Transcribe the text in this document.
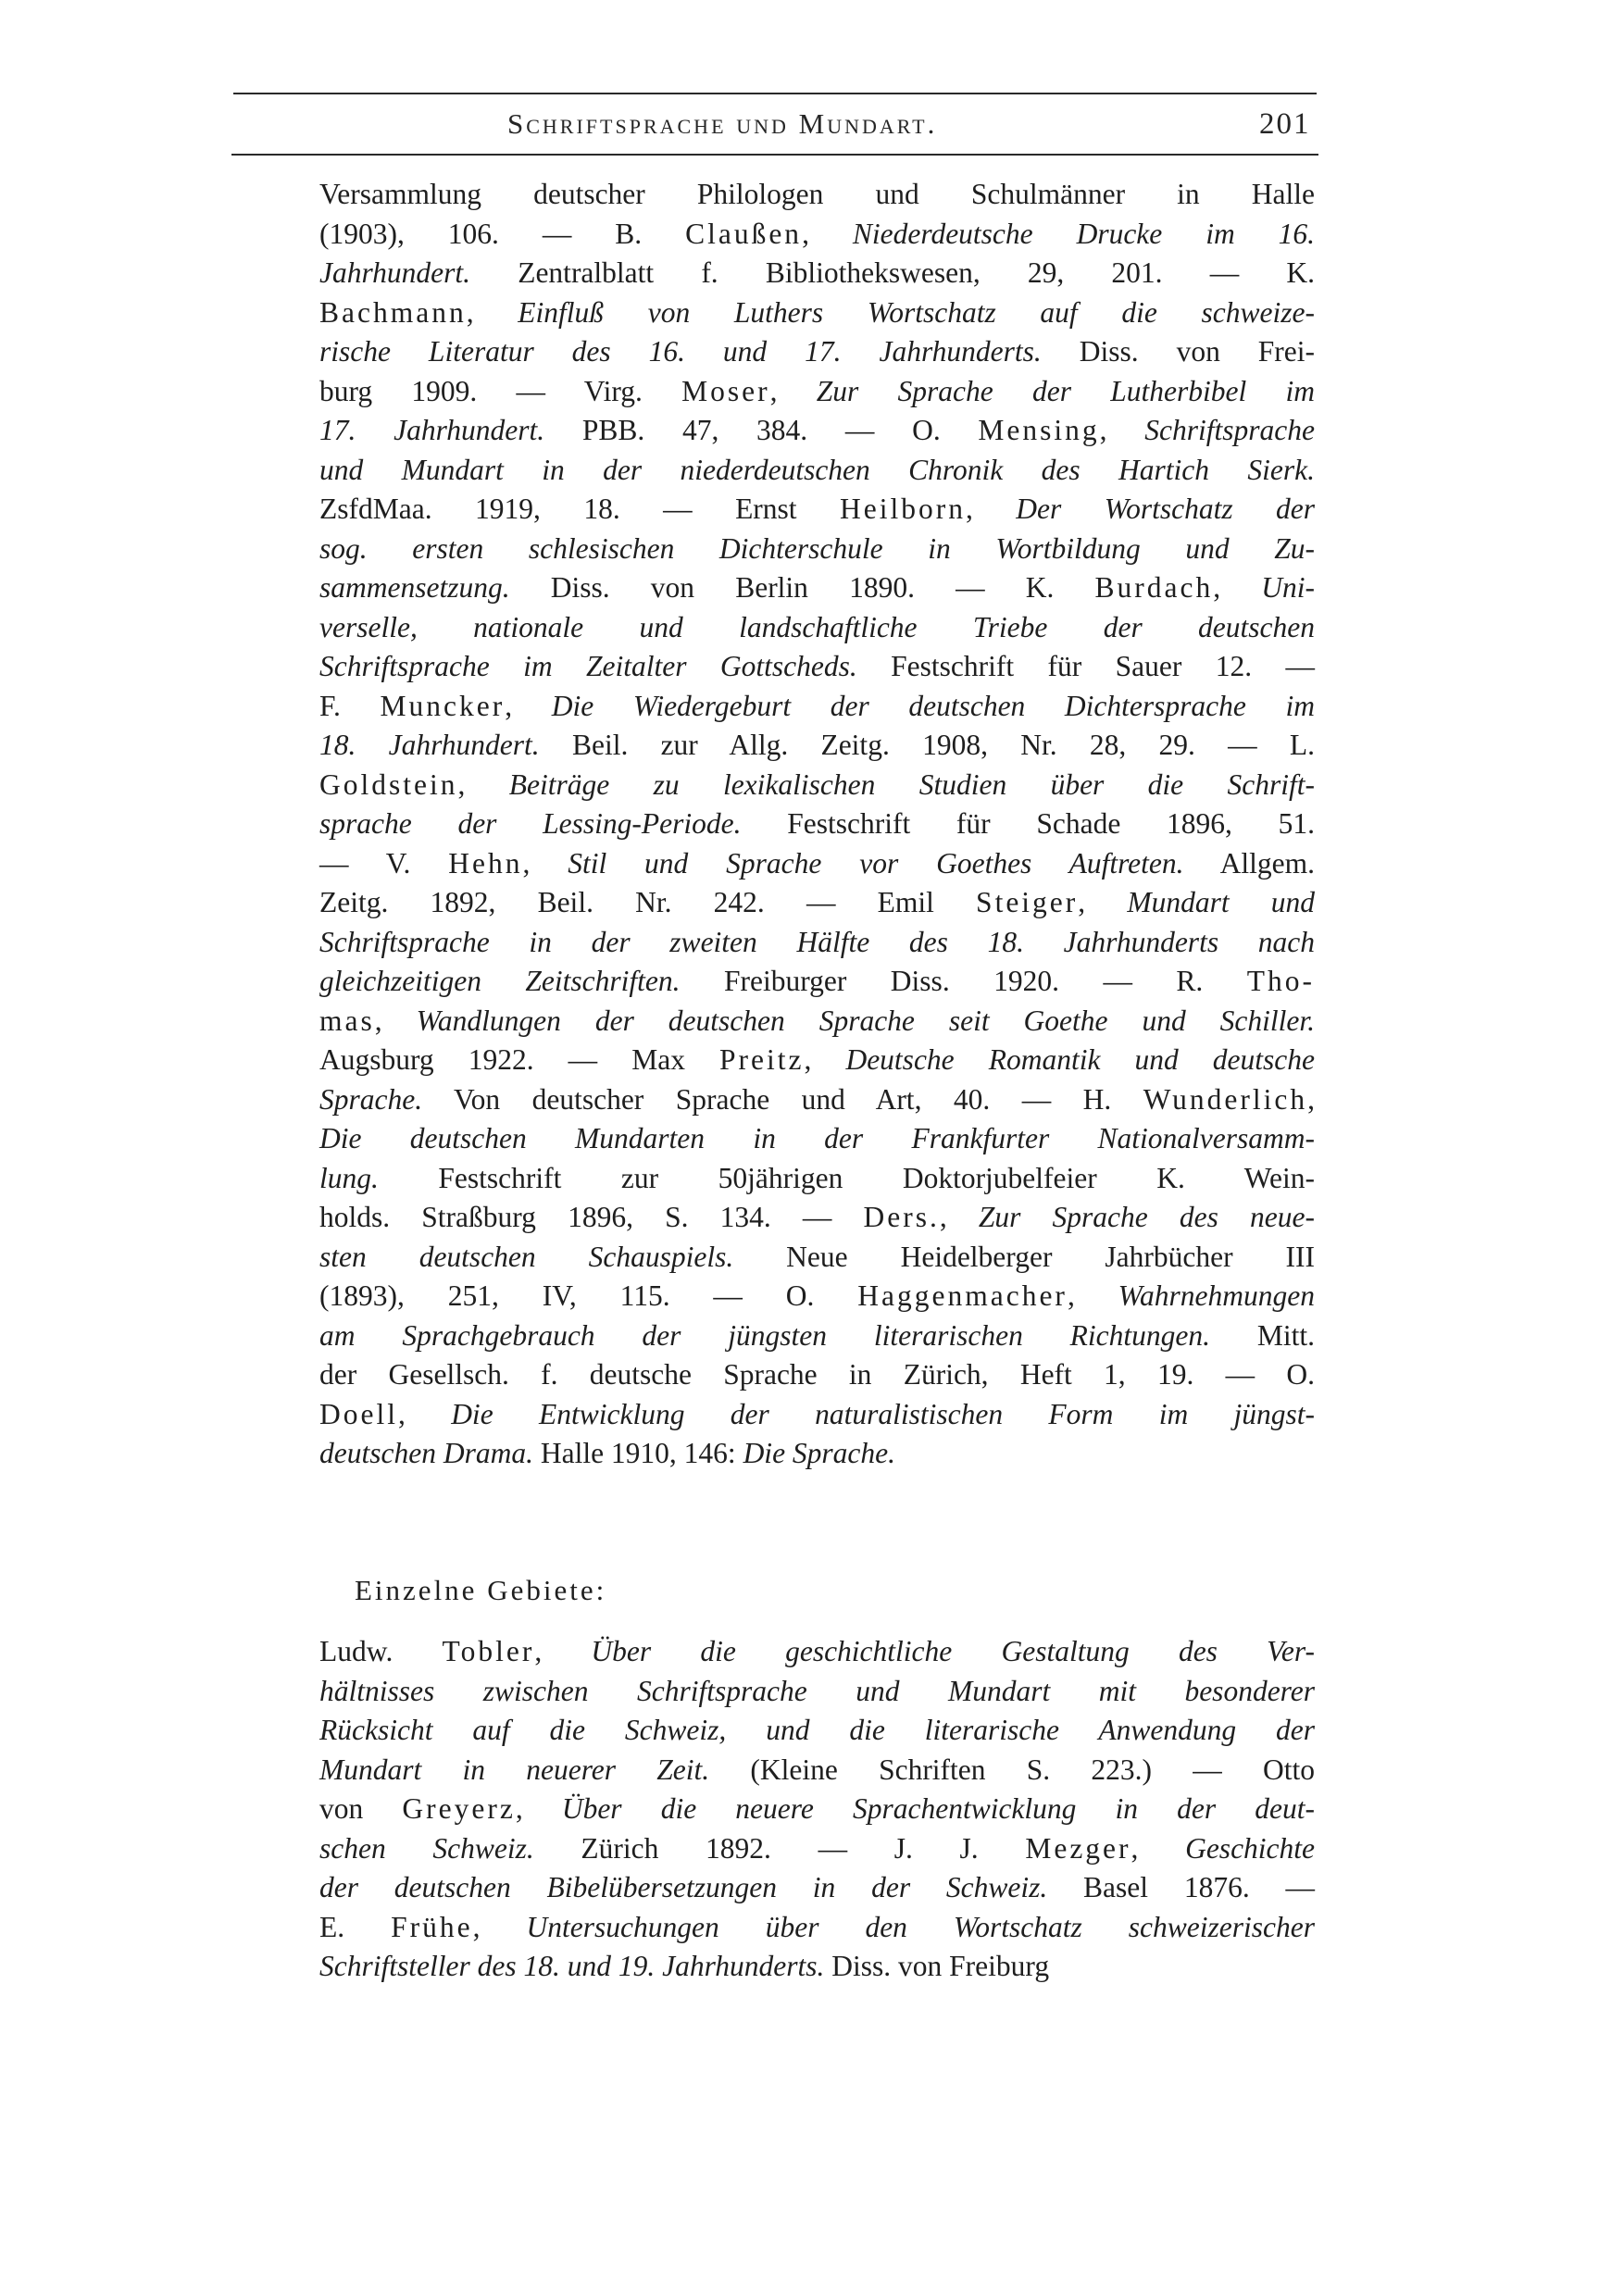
Schriftsprache und Mundart.	201
Versammlung deutscher Philologen und Schulmänner in Halle
(1903), 106. — B. Claußen, Niederdeutsche Drucke im 16.
Jahrhundert. Zentralblatt f. Bibliothekswesen, 29, 201. — K.
Bachmann, Einfluß von Luthers Wortschatz auf die schweize-
rische Literatur des 16. und 17. Jahrhunderts. Diss. von Frei-
burg 1909. — Virg. Moser, Zur Sprache der Lutherbibel im
17. Jahrhundert. PBB. 47, 384. — O. Mensing, Schriftsprache
und Mundart in der niederdeutschen Chronik des Hartich Sierk.
ZsfdMaa. 1919, 18. — Ernst Heilborn, Der Wortschatz der
sog. ersten schlesischen Dichterschule in Wortbildung und Zu-
sammensetzung. Diss. von Berlin 1890. — K. Burdach, Uni-
verselle, nationale und landschaftliche Triebe der deutschen
Schriftsprache im Zeitalter Gottscheds. Festschrift für Sauer 12. —
F. Muncker, Die Wiedergeburt der deutschen Dichtersprache im
18. Jahrhundert. Beil. zur Allg. Zeitg. 1908, Nr. 28, 29. — L.
Goldstein, Beiträge zu lexikalischen Studien über die Schrift-
sprache der Lessing-Periode. Festschrift für Schade 1896, 51.
— V. Hehn, Stil und Sprache vor Goethes Auftreten. Allgem.
Zeitg. 1892, Beil. Nr. 242. — Emil Steiger, Mundart und
Schriftsprache in der zweiten Hälfte des 18. Jahrhunderts nach
gleichzeitigen Zeitschriften. Freiburger Diss. 1920. — R. Tho-
mas, Wandlungen der deutschen Sprache seit Goethe und Schiller.
Augsburg 1922. — Max Preitz, Deutsche Romantik und deutsche
Sprache. Von deutscher Sprache und Art, 40. — H. Wunderlich,
Die deutschen Mundarten in der Frankfurter Nationalversamm-
lung. Festschrift zur 50jährigen Doktorjubelfeier K. Wein-
holds. Straßburg 1896, S. 134. — Ders., Zur Sprache des neue-
sten deutschen Schauspiels. Neue Heidelberger Jahrbücher III
(1893), 251, IV, 115. — O. Haggenmacher, Wahrnehmungen
am Sprachgebrauch der jüngsten literarischen Richtungen. Mitt.
der Gesellsch. f. deutsche Sprache in Zürich, Heft 1, 19. — O.
Doell, Die Entwicklung der naturalistischen Form im jüngst-
deutschen Drama. Halle 1910, 146: Die Sprache.
Einzelne Gebiete:
Ludw. Tobler, Über die geschichtliche Gestaltung des Ver-
hältnisses zwischen Schriftsprache und Mundart mit besonderer
Rücksicht auf die Schweiz, und die literarische Anwendung der
Mundart in neuerer Zeit. (Kleine Schriften S. 223.) — Otto
von Greyerz, Über die neuere Sprachentwicklung in der deut-
schen Schweiz. Zürich 1892. — J. J. Mezger, Geschichte
der deutschen Bibelübersetzungen in der Schweiz. Basel 1876. —
E. Frühe, Untersuchungen über den Wortschatz schweizerischer
Schriftsteller des 18. und 19. Jahrhunderts. Diss. von Freiburg
